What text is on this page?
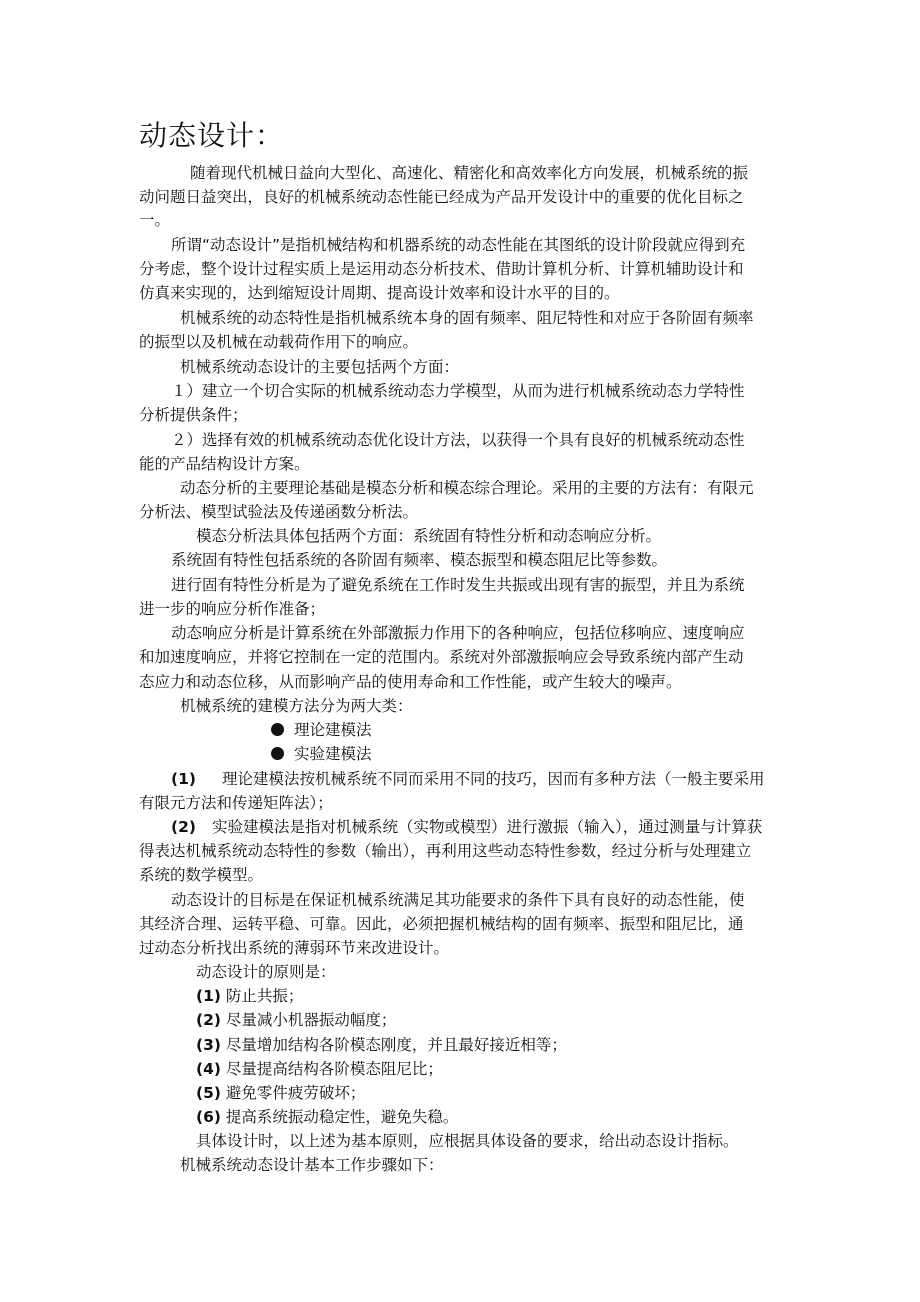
动态设计：
随着现代机械日益向大型化、高速化、精密化和高效率化方向发展，机械系统的振
动问题日益突出，良好的机械系统动态性能已经成为产品开发设计中的重要的优化目标之
一。
所谓“动态设计”是指机械结构和机器系统的动态性能在其图纸的设计阶段就应得到充
分考虑，整个设计过程实质上是运用动态分析技术、借助计算机分析、计算机辅助设计和
仿真来实现的，达到缩短设计周期、提高设计效率和设计水平的目的。
机械系统的动态特性是指机械系统本身的固有频率、阻尼特性和对应于各阶固有频率
的振型以及机械在动载荷作用下的响应。
机械系统动态设计的主要包括两个方面：
１）建立一个切合实际的机械系统动态力学模型，从而为进行机械系统动态力学特性
分析提供条件；
２）选择有效的机械系统动态优化设计方法，以获得一个具有良好的机械系统动态性
能的产品结构设计方案。
动态分析的主要理论基础是模态分析和模态综合理论。采用的主要的方法有：有限元
分析法、模型试验法及传递函数分析法。
模态分析法具体包括两个方面：系统固有特性分析和动态响应分析。
系统固有特性包括系统的各阶固有频率、模态振型和模态阻尼比等参数。
进行固有特性分析是为了避免系统在工作时发生共振或出现有害的振型，并且为系统
进一步的响应分析作准备；
动态响应分析是计算系统在外部激振力作用下的各种响应，包括位移响应、速度响应
和加速度响应，并将它控制在一定的范围内。系统对外部激振响应会导致系统内部产生动
态应力和动态位移，从而影响产品的使用寿命和工作性能，或产生较大的噪声。
机械系统的建模方法分为两大类：
理论建模法
实验建模法
(1) 理论建模法按机械系统不同而采用不同的技巧，因而有多种方法（一般主要采用
有限元方法和传递矩阵法）；
(2) 实验建模法是指对机械系统（实物或模型）进行激振（输入），通过测量与计算获
得表达机械系统动态特性的参数（输出），再利用这些动态特性参数，经过分析与处理建立
系统的数学模型。
动态设计的目标是在保证机械系统满足其功能要求的条件下具有良好的动态性能，使
其经济合理、运转平稳、可靠。因此，必须把握机械结构的固有频率、振型和阻尼比，通
过动态分析找出系统的薄弱环节来改进设计。
动态设计的原则是：
(1) 防止共振；
(2) 尽量减小机器振动幅度；
(3) 尽量增加结构各阶模态刚度，并且最好接近相等；
(4) 尽量提高结构各阶模态阻尼比；
(5) 避免零件疲劳破坏；
(6) 提高系统振动稳定性，避免失稳。
具体设计时，以上述为基本原则，应根据具体设备的要求，给出动态设计指标。
机械系统动态设计基本工作步骤如下：
